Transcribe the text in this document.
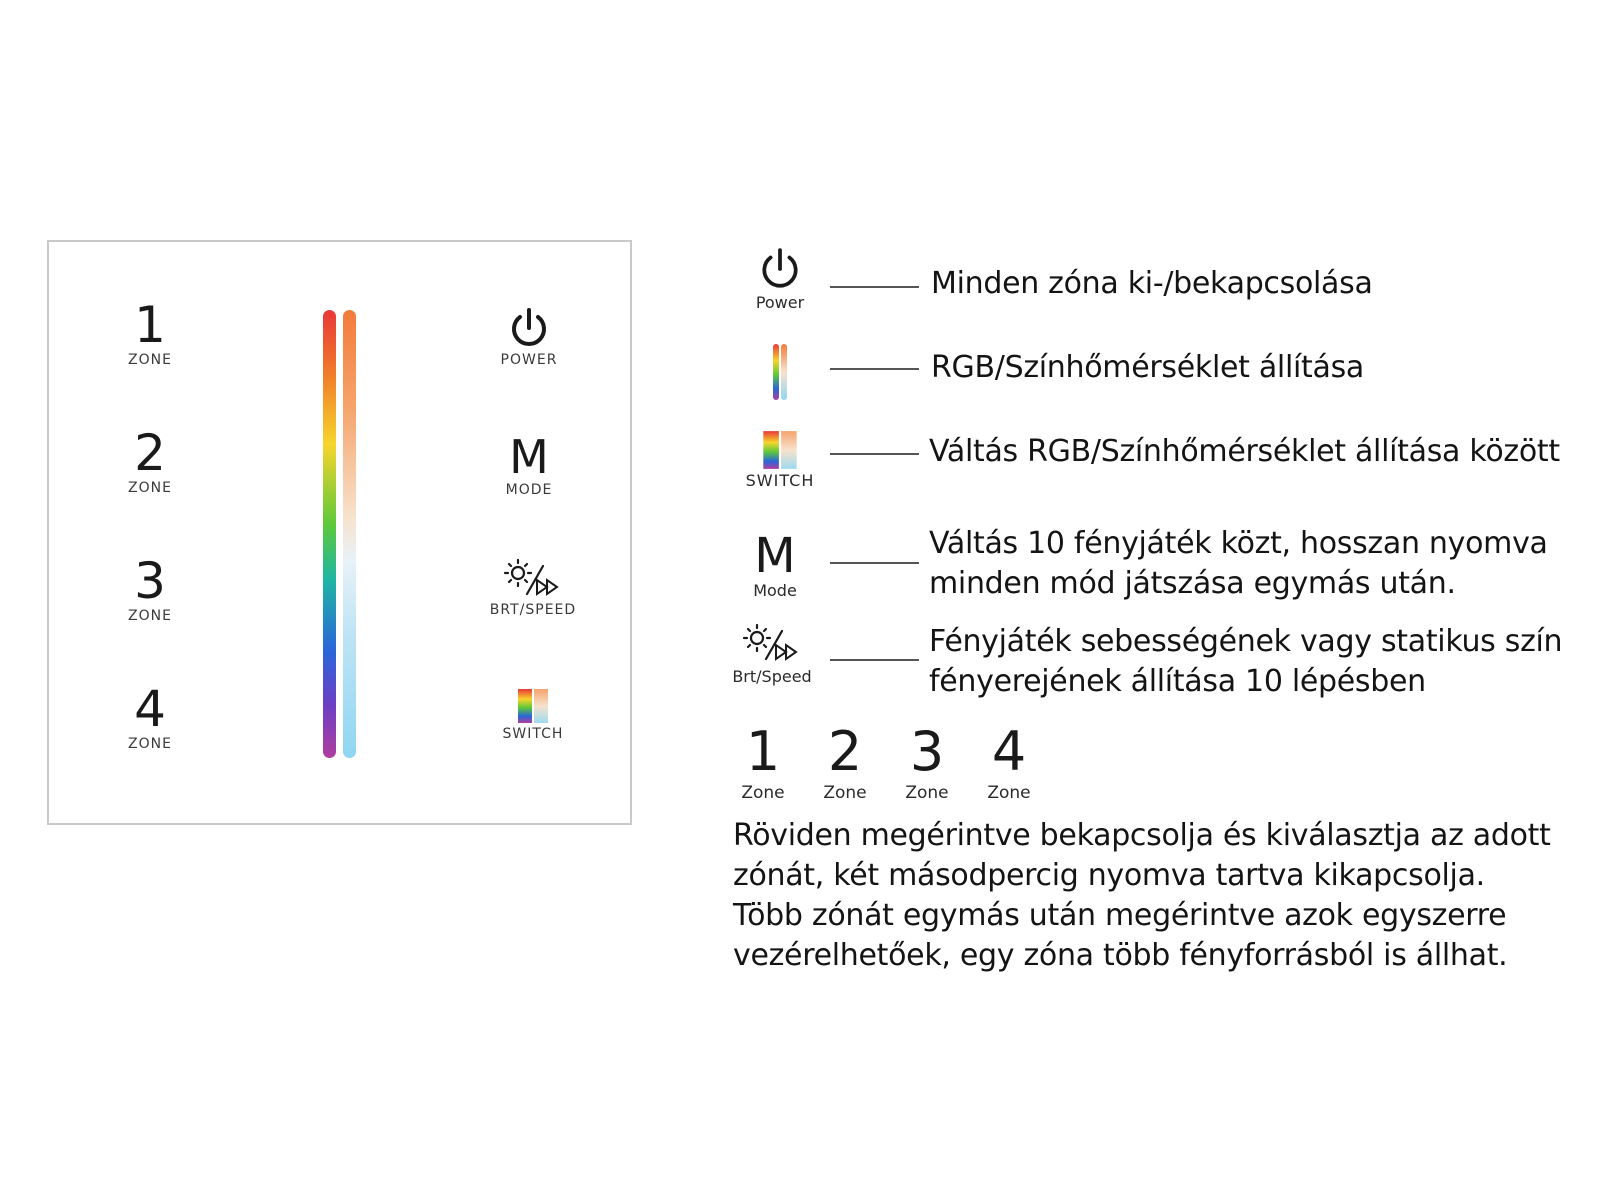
1
ZONE
2
ZONE
3
ZONE
4
ZONE
POWER
M
MODE
BRT/SPEED
SWITCH
Power
Minden zóna ki-/bekapcsolása
RGB/Színhőmérséklet állítása
SWITCH
Váltás RGB/Színhőmérséklet állítása között
M
Mode
Váltás 10 fényjáték közt, hosszan nyomva
minden mód játszása egymás után.
Brt/Speed
Fényjáték sebességének vagy statikus szín
fényerejének állítása 10 lépésben
1
Zone
2
Zone
3
Zone
4
Zone
Röviden megérintve bekapcsolja és kiválasztja az adott
zónát, két másodpercig nyomva tartva kikapcsolja.
Több zónát egymás után megérintve azok egyszerre
vezérelhetőek, egy zóna több fényforrásból is állhat.
